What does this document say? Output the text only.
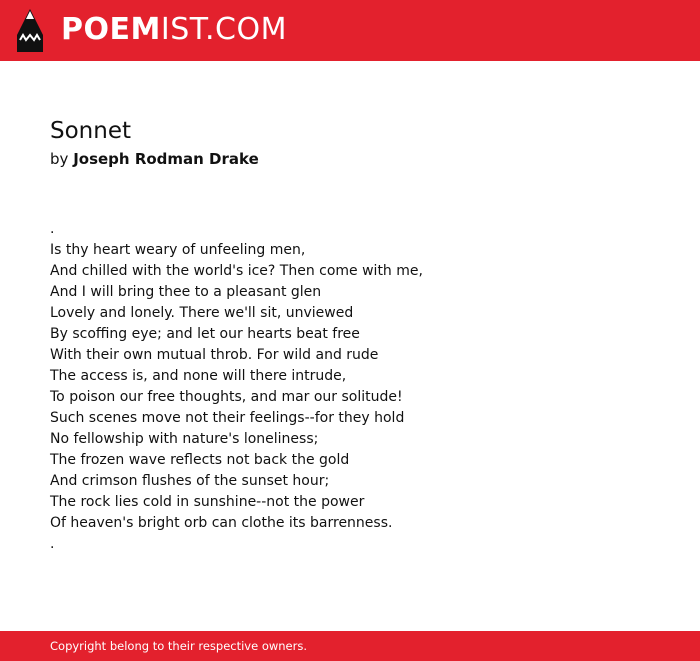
POEMIST.COM
Sonnet
by Joseph Rodman Drake
.
Is thy heart weary of unfeeling men,
And chilled with the world's ice? Then come with me,
And I will bring thee to a pleasant glen
Lovely and lonely. There we'll sit, unviewed
By scoffing eye; and let our hearts beat free
With their own mutual throb. For wild and rude
The access is, and none will there intrude,
To poison our free thoughts, and mar our solitude!
Such scenes move not their feelings--for they hold
No fellowship with nature's loneliness;
The frozen wave reflects not back the gold
And crimson flushes of the sunset hour;
The rock lies cold in sunshine--not the power
Of heaven's bright orb can clothe its barrenness.
.
Copyright belong to their respective owners.
